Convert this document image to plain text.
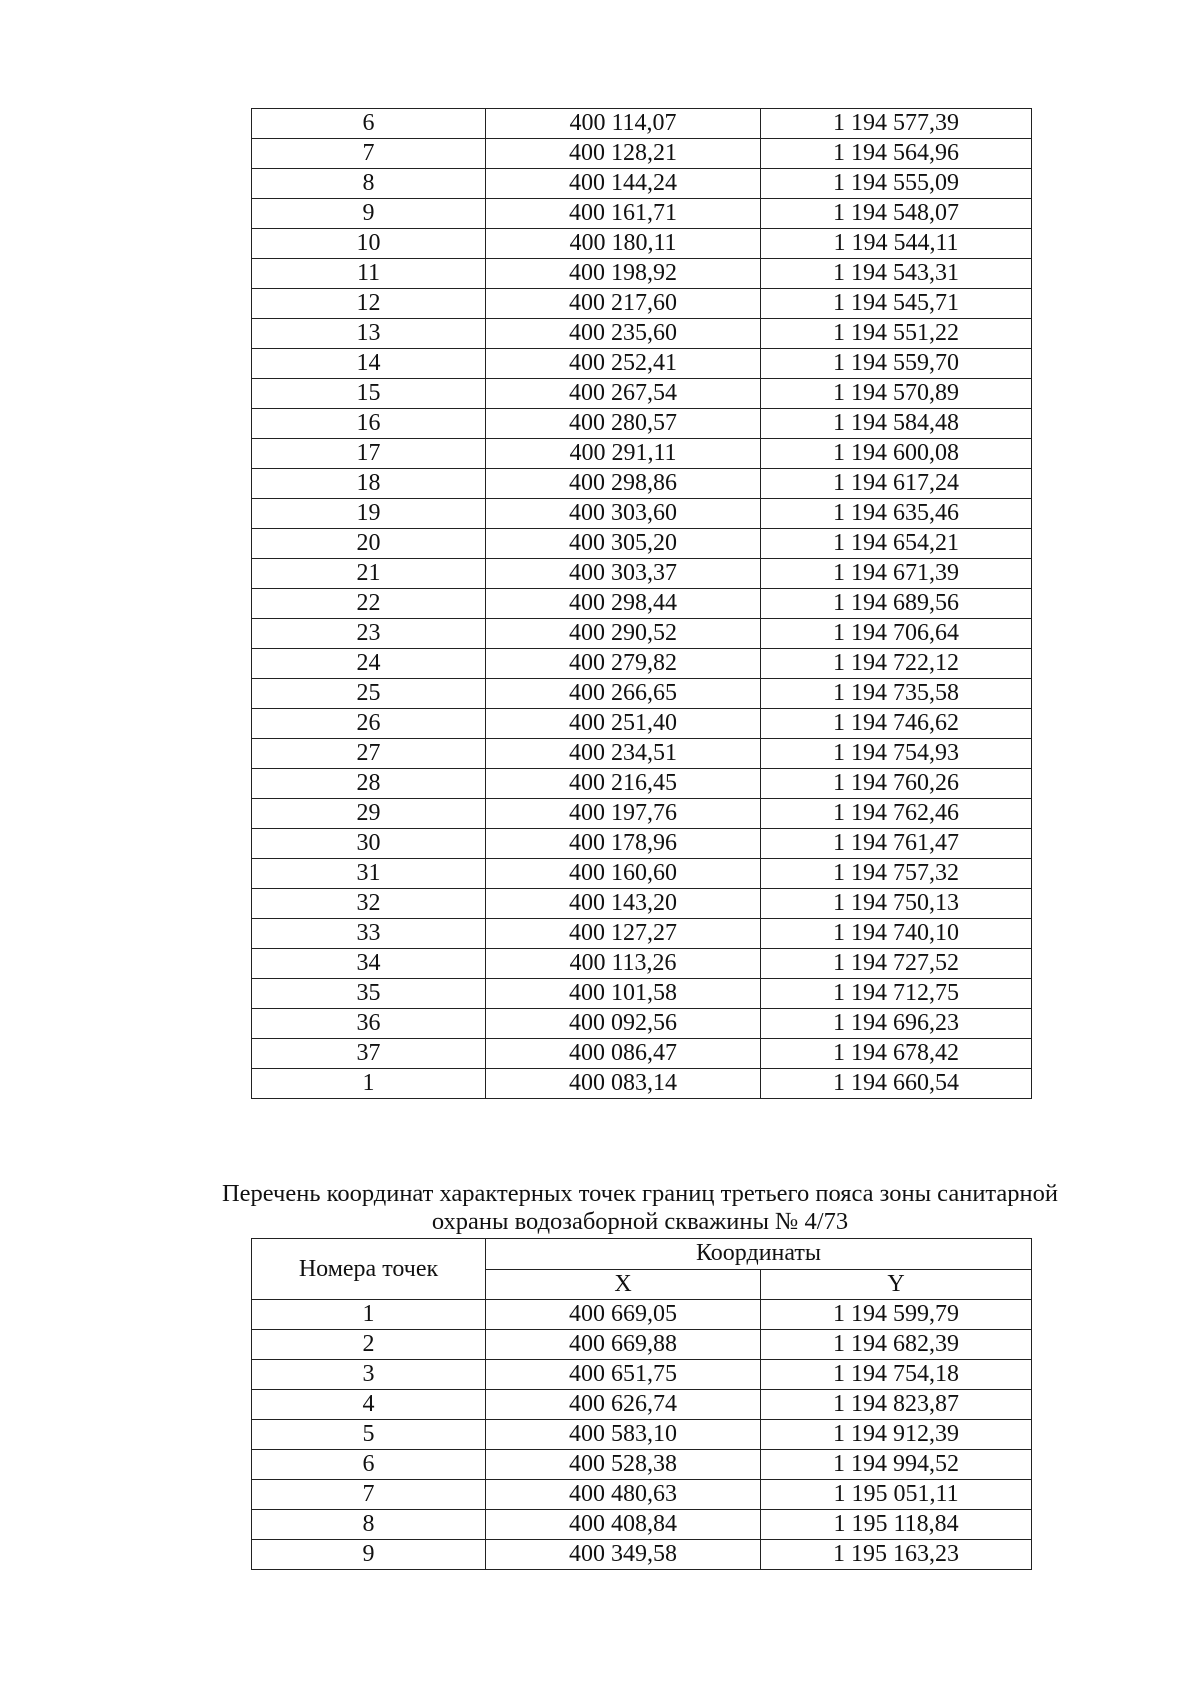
6	400 114,07	1 194 577,39
7	400 128,21	1 194 564,96
8	400 144,24	1 194 555,09
9	400 161,71	1 194 548,07
10	400 180,11	1 194 544,11
11	400 198,92	1 194 543,31
12	400 217,60	1 194 545,71
13	400 235,60	1 194 551,22
14	400 252,41	1 194 559,70
15	400 267,54	1 194 570,89
16	400 280,57	1 194 584,48
17	400 291,11	1 194 600,08
18	400 298,86	1 194 617,24
19	400 303,60	1 194 635,46
20	400 305,20	1 194 654,21
21	400 303,37	1 194 671,39
22	400 298,44	1 194 689,56
23	400 290,52	1 194 706,64
24	400 279,82	1 194 722,12
25	400 266,65	1 194 735,58
26	400 251,40	1 194 746,62
27	400 234,51	1 194 754,93
28	400 216,45	1 194 760,26
29	400 197,76	1 194 762,46
30	400 178,96	1 194 761,47
31	400 160,60	1 194 757,32
32	400 143,20	1 194 750,13
33	400 127,27	1 194 740,10
34	400 113,26	1 194 727,52
35	400 101,58	1 194 712,75
36	400 092,56	1 194 696,23
37	400 086,47	1 194 678,42
1	400 083,14	1 194 660,54
Перечень координат характерных точек границ третьего пояса зоны санитарной
охраны водозаборной скважины № 4/73
Номера точек	Координаты	
	X	Y
1	400 669,05	1 194 599,79
2	400 669,88	1 194 682,39
3	400 651,75	1 194 754,18
4	400 626,74	1 194 823,87
5	400 583,10	1 194 912,39
6	400 528,38	1 194 994,52
7	400 480,63	1 195 051,11
8	400 408,84	1 195 118,84
9	400 349,58	1 195 163,23
